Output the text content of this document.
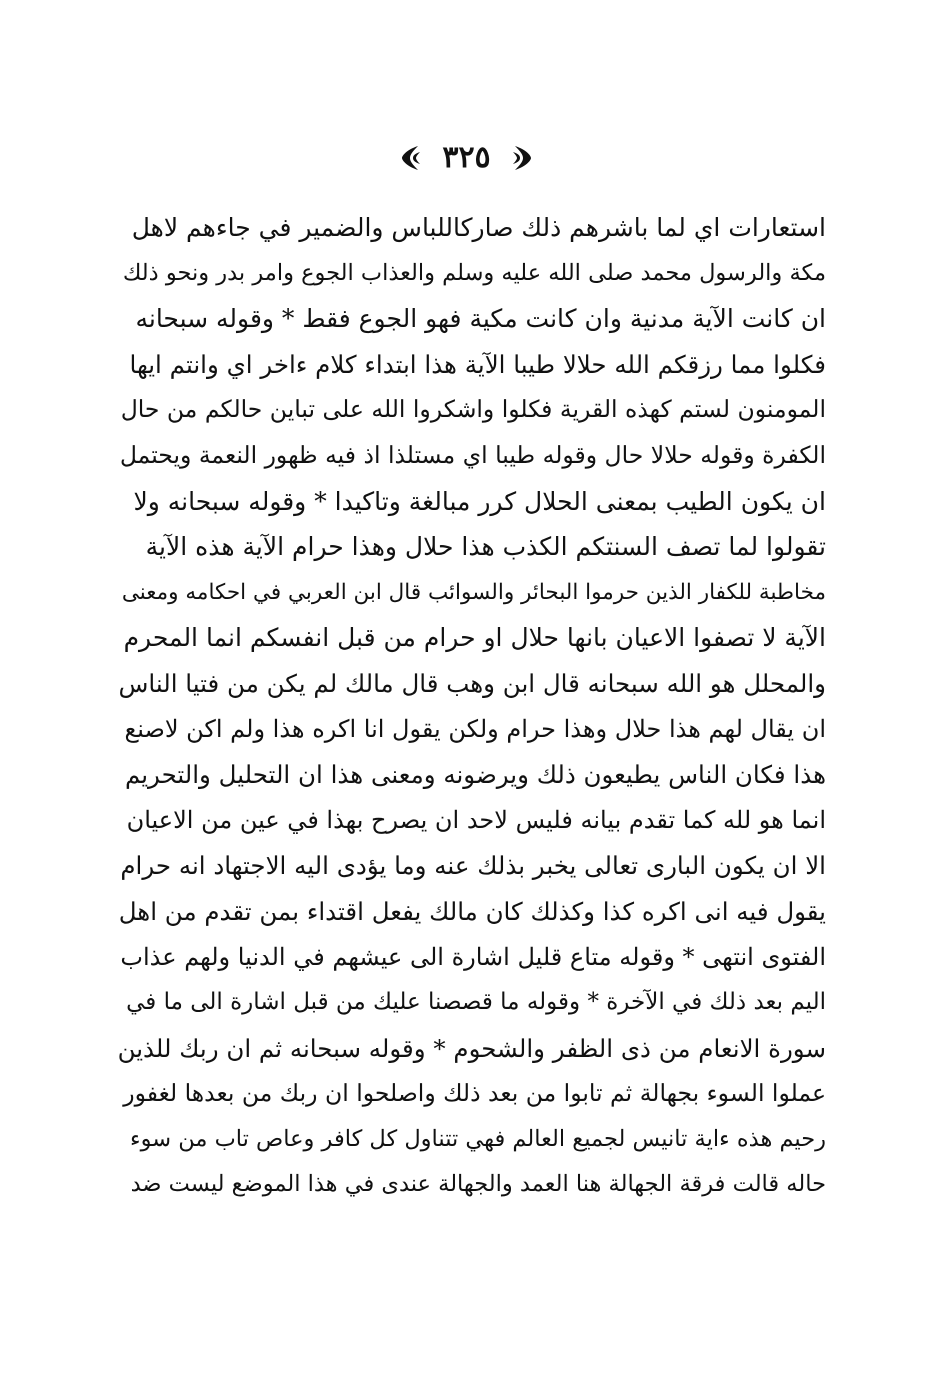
٣٢٥
استعارات اي لما باشرهم ذلك صاركاللباس والضمير في جاءهم لاهل
مكة والرسول محمد صلى الله عليه وسلم والعذاب الجوع وامر بدر ونحو ذلك
ان كانت الآية مدنية وان كانت مكية فهو الجوع فقط * وقوله سبحانه
فكلوا مما رزقكم الله حلالا طيبا الآية هذا ابتداء كلام ءاخر اي وانتم ايها
المومنون لستم كهذه القرية فكلوا واشكروا الله على تباين حالكم من حال
الكفرة وقوله حلالا حال وقوله طيبا اي مستلذا اذ فيه ظهور النعمة ويحتمل
ان يكون الطيب بمعنى الحلال كرر مبالغة وتاكيدا * وقوله سبحانه ولا
تقولوا لما تصف السنتكم الكذب هذا حلال وهذا حرام الآية هذه الآية
مخاطبة للكفار الذين حرموا البحائر والسوائب قال ابن العربي في احكامه ومعنى
الآية لا تصفوا الاعيان بانها حلال او حرام من قبل انفسكم انما المحرم
والمحلل هو الله سبحانه قال ابن وهب قال مالك لم يكن من فتيا الناس
ان يقال لهم هذا حلال وهذا حرام ولكن يقول انا اكره هذا ولم اكن لاصنع
هذا فكان الناس يطيعون ذلك ويرضونه ومعنى هذا ان التحليل والتحريم
انما هو لله كما تقدم بيانه فليس لاحد ان يصرح بهذا في عين من الاعيان
الا ان يكون البارى تعالى يخبر بذلك عنه وما يؤدى اليه الاجتهاد انه حرام
يقول فيه انى اكره كذا وكذلك كان مالك يفعل اقتداء بمن تقدم من اهل
الفتوى انتهى * وقوله متاع قليل اشارة الى عيشهم في الدنيا ولهم عذاب
اليم بعد ذلك في الآخرة * وقوله ما قصصنا عليك من قبل اشارة الى ما في
سورة الانعام من ذى الظفر والشحوم * وقوله سبحانه ثم ان ربك للذين
عملوا السوء بجهالة ثم تابوا من بعد ذلك واصلحوا ان ربك من بعدها لغفور
رحيم هذه ءاية تانيس لجميع العالم فهي تتناول كل كافر وعاص تاب من سوء
حاله قالت فرقة الجهالة هنا العمد والجهالة عندى في هذا الموضع ليست ضد
